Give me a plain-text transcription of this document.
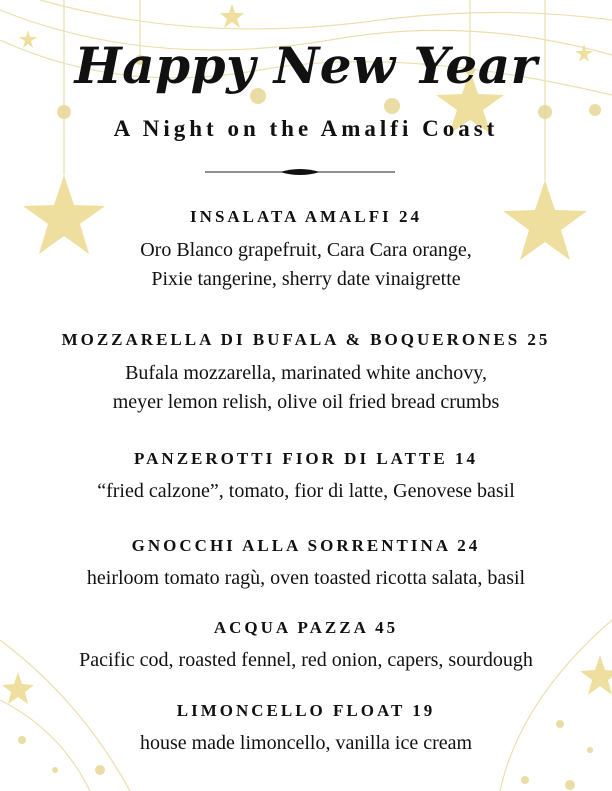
Happy New Year
A Night on the Amalfi Coast
INSALATA AMALFI 24
Oro Blanco grapefruit, Cara Cara orange,
Pixie tangerine, sherry date vinaigrette
MOZZARELLA DI BUFALA & BOQUERONES 25
Bufala mozzarella, marinated white anchovy,
meyer lemon relish, olive oil fried bread crumbs
PANZEROTTI FIOR DI LATTE 14
“fried calzone”, tomato, fior di latte, Genovese basil
GNOCCHI ALLA SORRENTINA 24
heirloom tomato ragù, oven toasted ricotta salata, basil
ACQUA PAZZA 45
Pacific cod, roasted fennel, red onion, capers, sourdough
LIMONCELLO FLOAT 19
house made limoncello, vanilla ice cream
